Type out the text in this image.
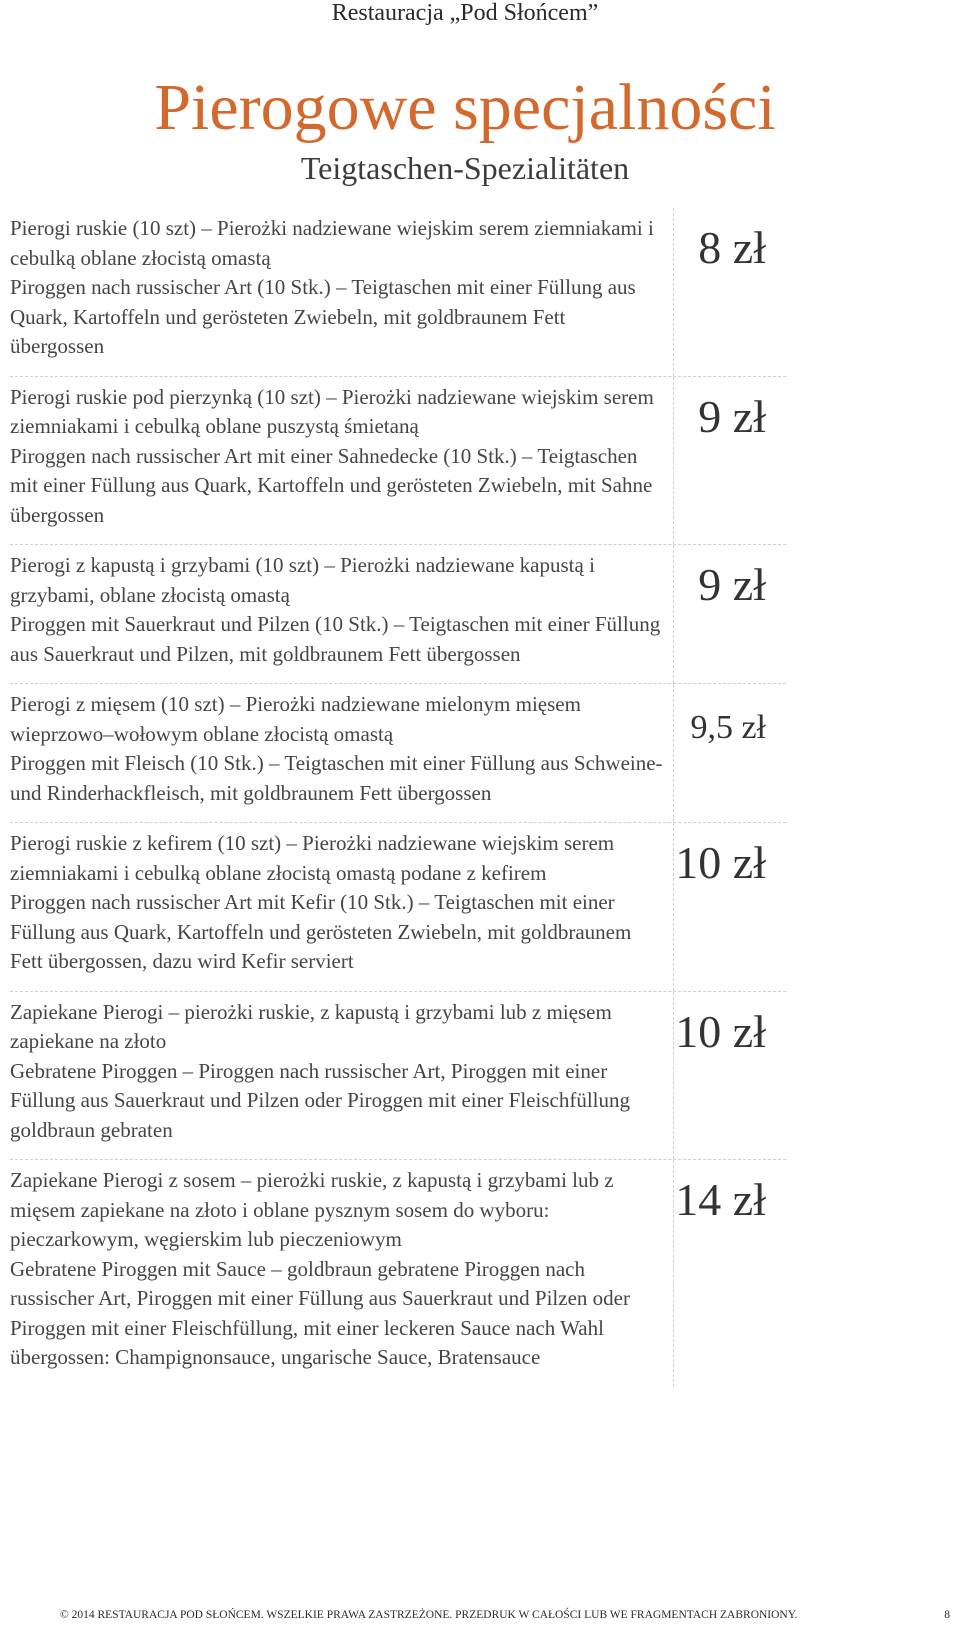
Restauracja „Pod Słońcem”
Pierogowe specjalności
Teigtaschen-Spezialitäten

Pierogi ruskie (10 szt) – Pierożki nadziewane wiejskim serem ziemniakami i cebulką oblane złocistą omastą

Piroggen nach russischer Art (10 Stk.) – Teigtaschen mit einer Füllung aus Quark, Kartoffeln und gerösteten Zwiebeln, mit goldbraunem Fett übergossen

8 zł

Pierogi ruskie pod pierzynką (10 szt) – Pierożki nadziewane wiejskim serem ziemniakami i cebulką oblane puszystą śmietaną

Piroggen nach russischer Art mit einer Sahnedecke (10 Stk.) – Teigtaschen mit einer Füllung aus Quark, Kartoffeln und gerösteten Zwiebeln, mit Sahne übergossen

9 zł

Pierogi z kapustą i grzybami (10 szt) – Pierożki nadziewane kapustą i grzybami, oblane złocistą omastą

Piroggen mit Sauerkraut und Pilzen (10 Stk.) – Teigtaschen mit einer Füllung aus Sauerkraut und Pilzen, mit goldbraunem Fett übergossen

9 zł

Pierogi z mięsem (10 szt) – Pierożki nadziewane mielonym mięsem wieprzowo–wołowym oblane złocistą omastą

Piroggen mit Fleisch (10 Stk.) – Teigtaschen mit einer Füllung aus Schweine- und Rinderhackfleisch, mit goldbraunem Fett übergossen

9,5 zł

Pierogi ruskie z kefirem (10 szt) – Pierożki nadziewane wiejskim serem ziemniakami i cebulką oblane złocistą omastą podane z kefirem

Piroggen nach russischer Art mit Kefir (10 Stk.) – Teigtaschen mit einer Füllung aus Quark, Kartoffeln und gerösteten Zwiebeln, mit goldbraunem Fett übergossen, dazu wird Kefir serviert

10 zł

Zapiekane Pierogi – pierożki ruskie, z kapustą i grzybami lub z mięsem zapiekane na złoto

Gebratene Piroggen – Piroggen nach russischer Art, Piroggen mit einer Füllung aus Sauerkraut und Pilzen oder Piroggen mit einer Fleischfüllung goldbraun gebraten

10 zł

Zapiekane Pierogi z sosem – pierożki ruskie, z kapustą i grzybami lub z mięsem zapiekane na złoto i oblane pysznym sosem do wyboru: pieczarkowym, węgierskim lub pieczeniowym

Gebratene Piroggen mit Sauce – goldbraun gebratene Piroggen nach russischer Art, Piroggen mit einer Füllung aus Sauerkraut und Pilzen oder Piroggen mit einer Fleischfüllung, mit einer leckeren Sauce nach Wahl übergossen: Champignonsauce, ungarische Sauce, Bratensauce

14 zł
© 2014 RESTAURACJA POD SŁOŃCEM. WSZELKIE PRAWA ZASTRZEŻONE. PRZEDRUK W CAŁOŚCI LUB WE FRAGMENTACH ZABRONIONY.	8
